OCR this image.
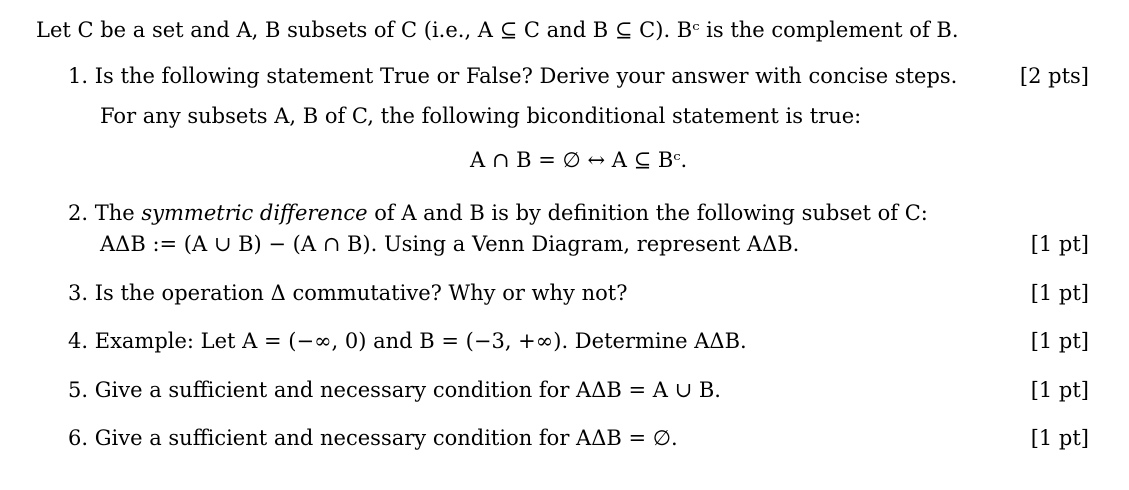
Let C be a set and A, B subsets of C (i.e., A ⊆ C and B ⊆ C). Bᶜ is the complement of B.
1. Is the following statement True or False? Derive your answer with concise steps.	[2 pts]
For any subsets A, B of C, the following biconditional statement is true:
A ∩ B = ∅ ↔ A ⊆ Bᶜ.
2. The symmetric difference of A and B is by definition the following subset of C:
AΔB := (A ∪ B) − (A ∩ B). Using a Venn Diagram, represent AΔB.	[1 pt]
3. Is the operation Δ commutative? Why or why not?	[1 pt]
4. Example: Let A = (−∞, 0) and B = (−3, +∞). Determine AΔB.	[1 pt]
5. Give a sufficient and necessary condition for AΔB = A ∪ B.	[1 pt]
6. Give a sufficient and necessary condition for AΔB = ∅.	[1 pt]
